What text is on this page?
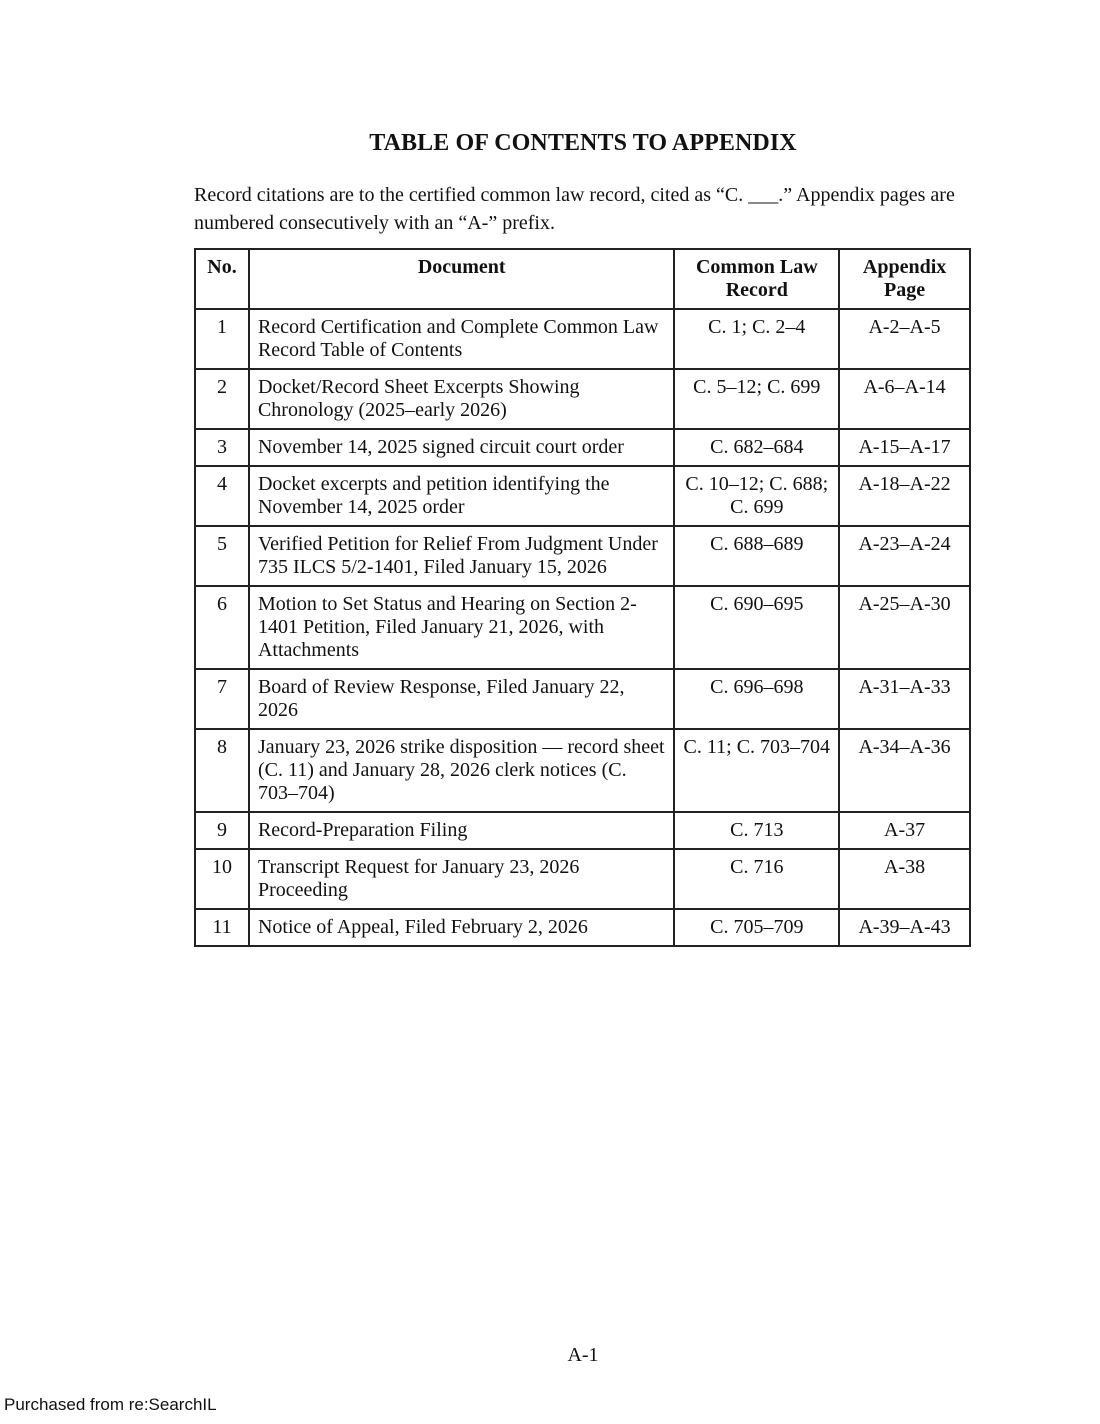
TABLE OF CONTENTS TO APPENDIX
Record citations are to the certified common law record, cited as “C. ___.” Appendix pages are numbered consecutively with an “A-” prefix.
No.	Document	Common Law Record	Appendix Page
1	Record Certification and Complete Common Law Record Table of Contents	C. 1; C. 2–4	A-2–A-5
2	Docket/Record Sheet Excerpts Showing Chronology (2025–early 2026)	C. 5–12; C. 699	A-6–A-14
3	November 14, 2025 signed circuit court order	C. 682–684	A-15–A-17
4	Docket excerpts and petition identifying the November 14, 2025 order	C. 10–12; C. 688; C. 699	A-18–A-22
5	Verified Petition for Relief From Judgment Under 735 ILCS 5/2-1401, Filed January 15, 2026	C. 688–689	A-23–A-24
6	Motion to Set Status and Hearing on Section 2-1401 Petition, Filed January 21, 2026, with Attachments	C. 690–695	A-25–A-30
7	Board of Review Response, Filed January 22, 2026	C. 696–698	A-31–A-33
8	January 23, 2026 strike disposition — record sheet (C. 11) and January 28, 2026 clerk notices (C. 703–704)	C. 11; C. 703–704	A-34–A-36
9	Record-Preparation Filing	C. 713	A-37
10	Transcript Request for January 23, 2026 Proceeding	C. 716	A-38
11	Notice of Appeal, Filed February 2, 2026	C. 705–709	A-39–A-43
A-1
Purchased from re:SearchIL
